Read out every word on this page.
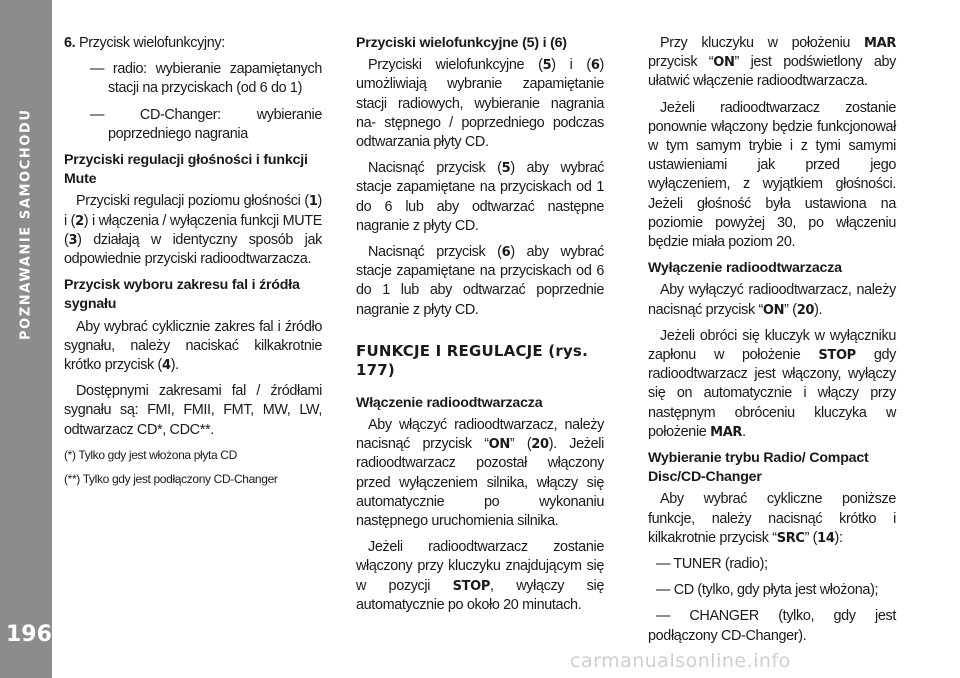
POZNAWANIE SAMOCHODU
196

6. Przycisk wielofunkcyjny:

— radio: wybieranie zapamiętanych stacji na przyciskach (od 6 do 1)

— CD-Changer: wybieranie poprzedniego nagrania

Przyciski regulacji głośności i funkcji Mute

Przyciski regulacji poziomu głośności (1) i (2) i włączenia / wyłączenia funkcji MUTE (3) działają w identyczny sposób jak odpowiednie przyciski radioodtwarzacza.

Przycisk wyboru zakresu fal i źródła sygnału

Aby wybrać cyklicznie zakres fal i źródło sygnału, należy naciskać kilkakrotnie krótko przycisk (4).

Dostępnymi zakresami fal / źródłami sygnału są: FMI, FMII, FMT, MW, LW, odtwarzacz CD*, CDC**.

(*) Tylko gdy jest włożona płyta CD

(**) Tylko gdy jest podłączony CD-Changer

Przyciski wielofunkcyjne (5) i (6)

Przyciski wielofunkcyjne (5) i (6) umożliwiają wybranie zapamiętanie stacji radiowych, wybieranie nagrania na- stępnego / poprzedniego podczas odtwarzania płyty CD.

Nacisnąć przycisk (5) aby wybrać stacje zapamiętane na przyciskach od 1 do 6 lub aby odtwarzać następne nagranie z płyty CD.

Nacisnąć przycisk (6) aby wybrać stacje zapamiętane na przyciskach od 6 do 1 lub aby odtwarzać poprzednie nagranie z płyty CD.

FUNKCJE I REGULACJE (rys. 177)
Włączenie radioodtwarzacza

Aby włączyć radioodtwarzacz, należy nacisnąć przycisk “ON” (20). Jeżeli radioodtwarzacz pozostał włączony przed wyłączeniem silnika, włączy się automatycznie po wykonaniu następnego uruchomienia silnika.

Jeżeli radioodtwarzacz zostanie włączony przy kluczyku znajdującym się w pozycji STOP, wyłączy się automatycznie po około 20 minutach.

Przy kluczyku w położeniu MAR przycisk “ON” jest podświetlony aby ułatwić włączenie radioodtwarzacza.

Jeżeli radioodtwarzacz zostanie ponownie włączony będzie funkcjonował w tym samym trybie i z tymi samymi ustawieniami jak przed jego wyłączeniem, z wyjątkiem głośności. Jeżeli głośność była ustawiona na poziomie powyżej 30, po włączeniu będzie miała poziom 20.

Wyłączenie radioodtwarzacza

Aby wyłączyć radioodtwarzacz, należy nacisnąć przycisk “ON” (20).

Jeżeli obróci się kluczyk w wyłączniku zapłonu w położenie STOP gdy radioodtwarzacz jest włączony, wyłączy się on automatycznie i włączy przy następnym obróceniu kluczyka w położenie MAR.

Wybieranie trybu Radio/ Compact Disc/CD-Changer

Aby wybrać cykliczne poniższe funkcje, należy nacisnąć krótko i kilkakrotnie przycisk “SRC” (14):

— TUNER (radio);

— CD (tylko, gdy płyta jest włożona);

— CHANGER (tylko, gdy jest podłączony CD-Changer).

carmanualsonline.info
